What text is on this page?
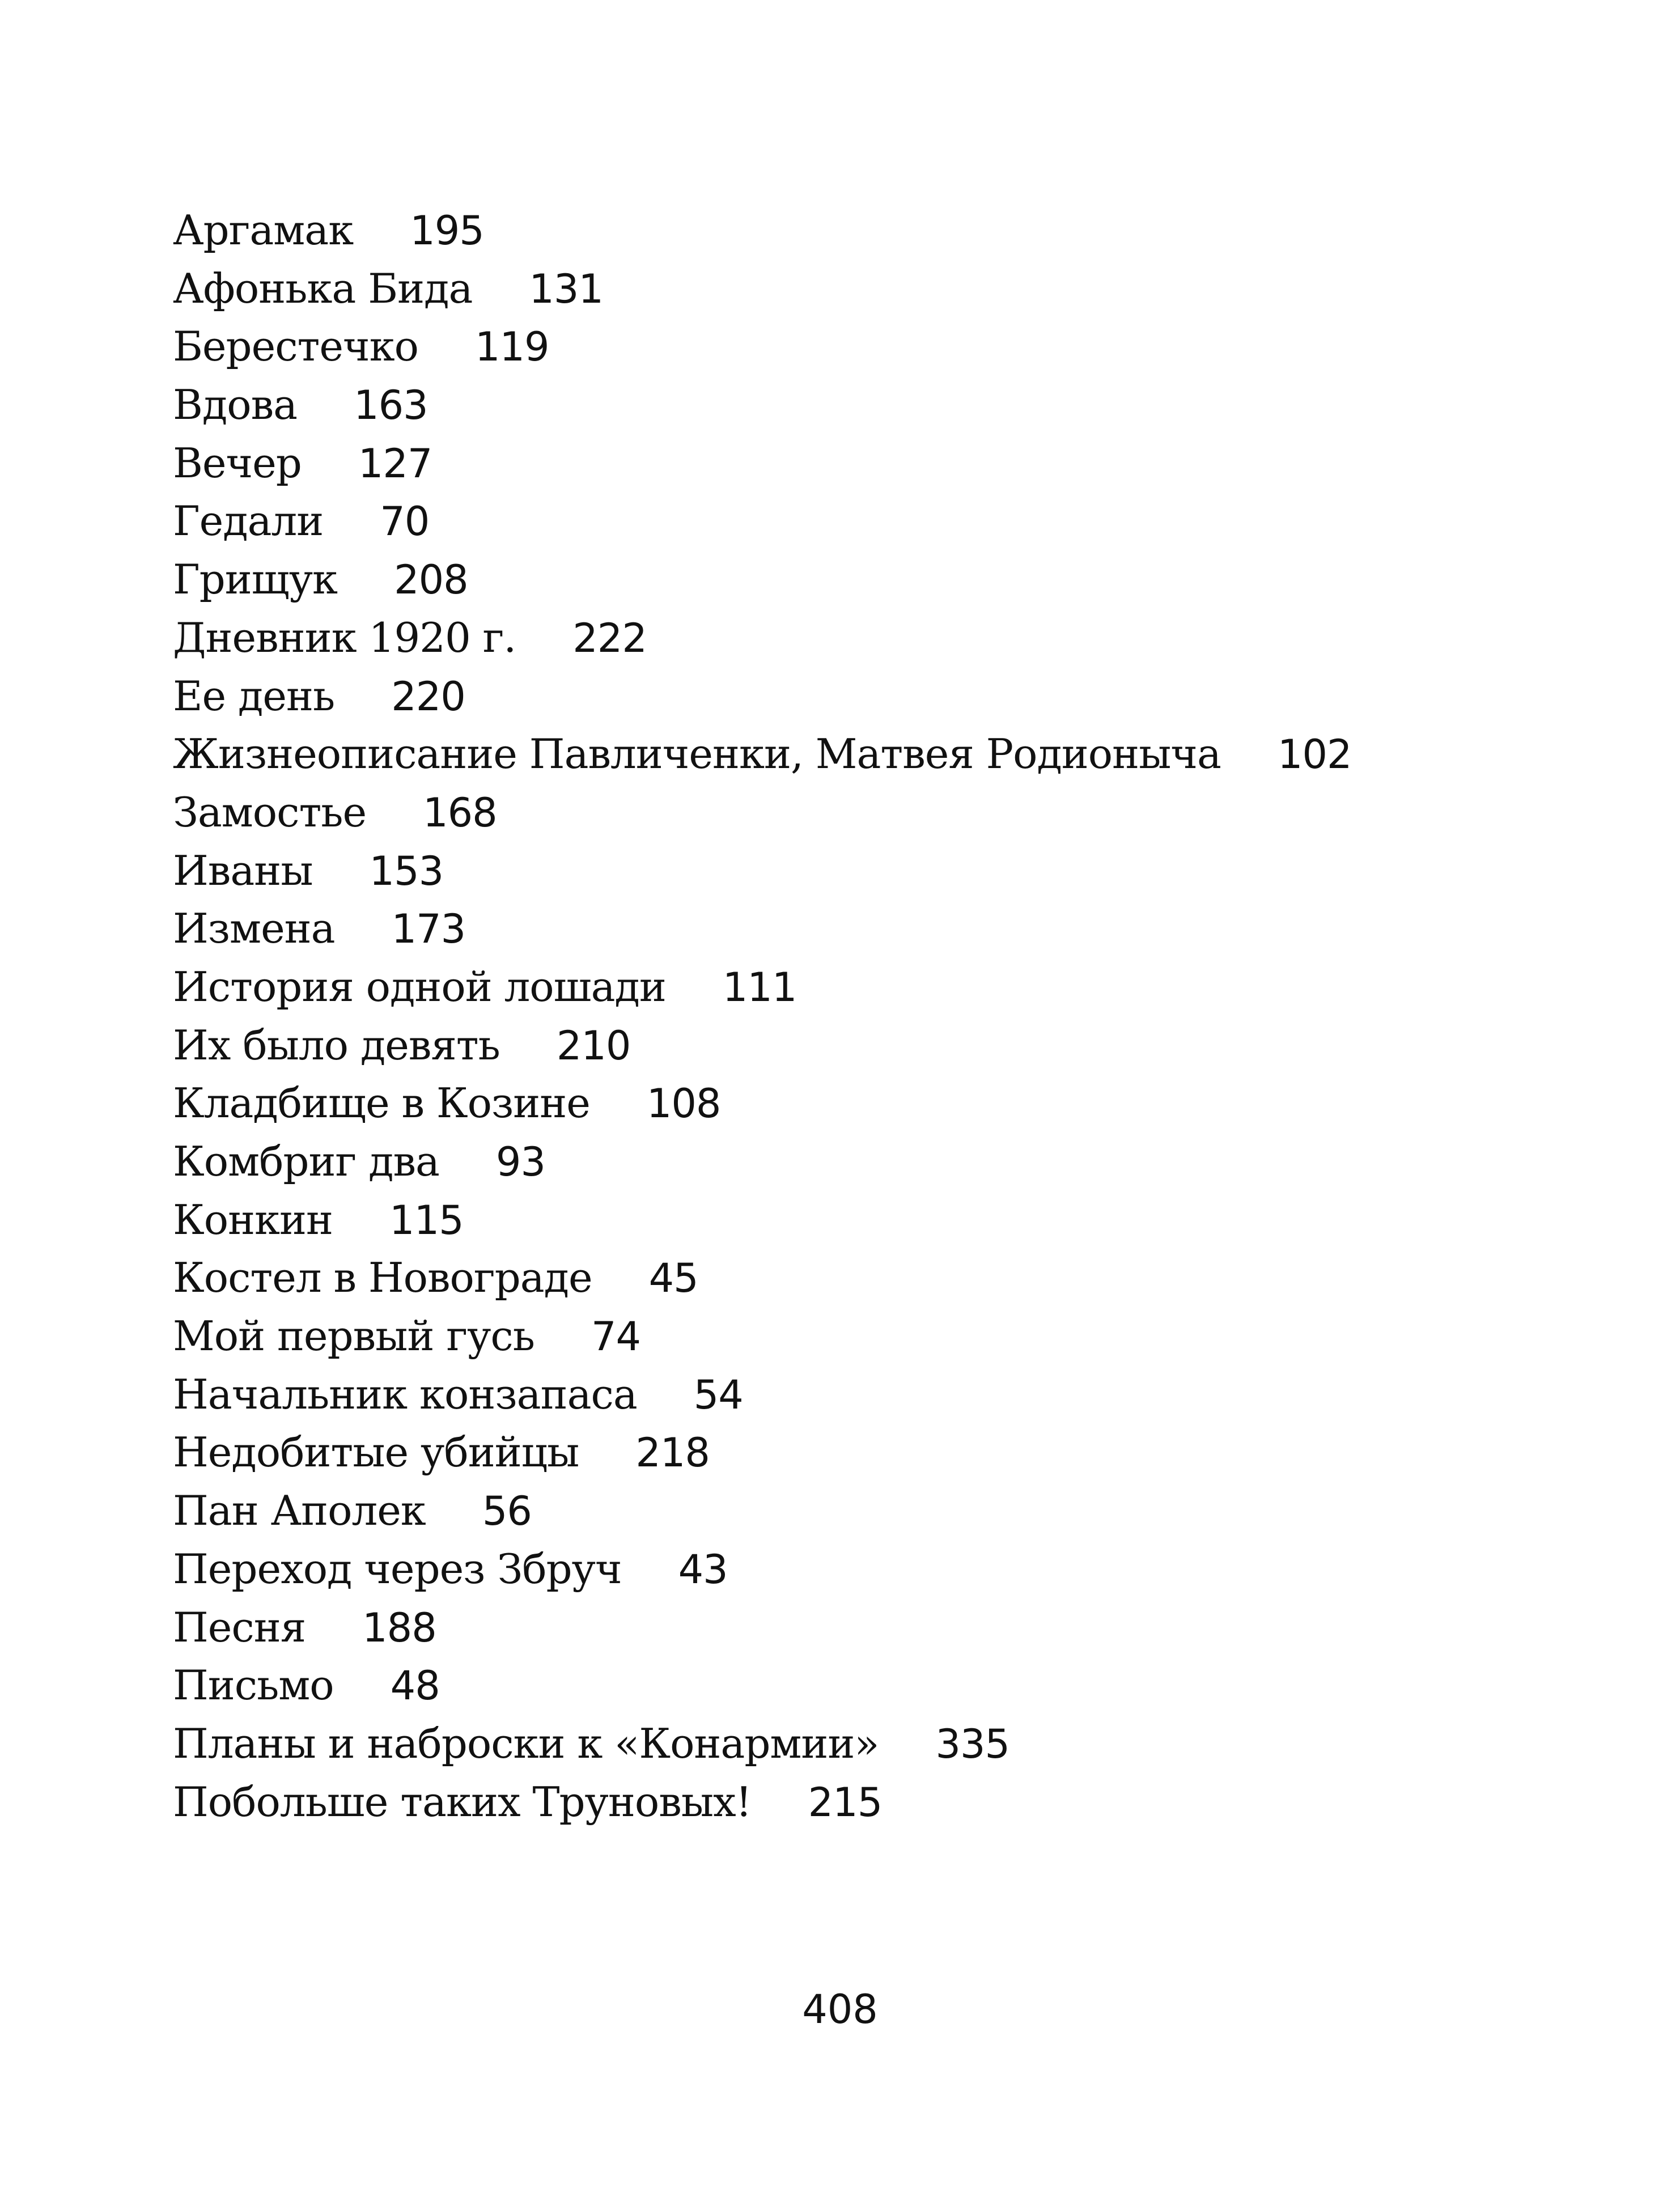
Аргамак 195
Афонька Бида 131
Берестечко 119
Вдова 163
Вечер 127
Гедали 70
Грищук 208
Дневник 1920 г. 222
Ее день 220
Жизнеописание Павличенки, Матвея Родионыча 102
Замостье 168
Иваны 153
Измена 173
История одной лошади 111
Их было девять 210
Кладбище в Козине 108
Комбриг два 93
Конкин 115
Костел в Новограде 45
Мой первый гусь 74
Начальник конзапаса 54
Недобитые убийцы 218
Пан Аполек 56
Переход через Збруч 43
Песня 188
Письмо 48
Планы и наброски к «Конармии» 335
Побольше таких Труновых! 215
408
